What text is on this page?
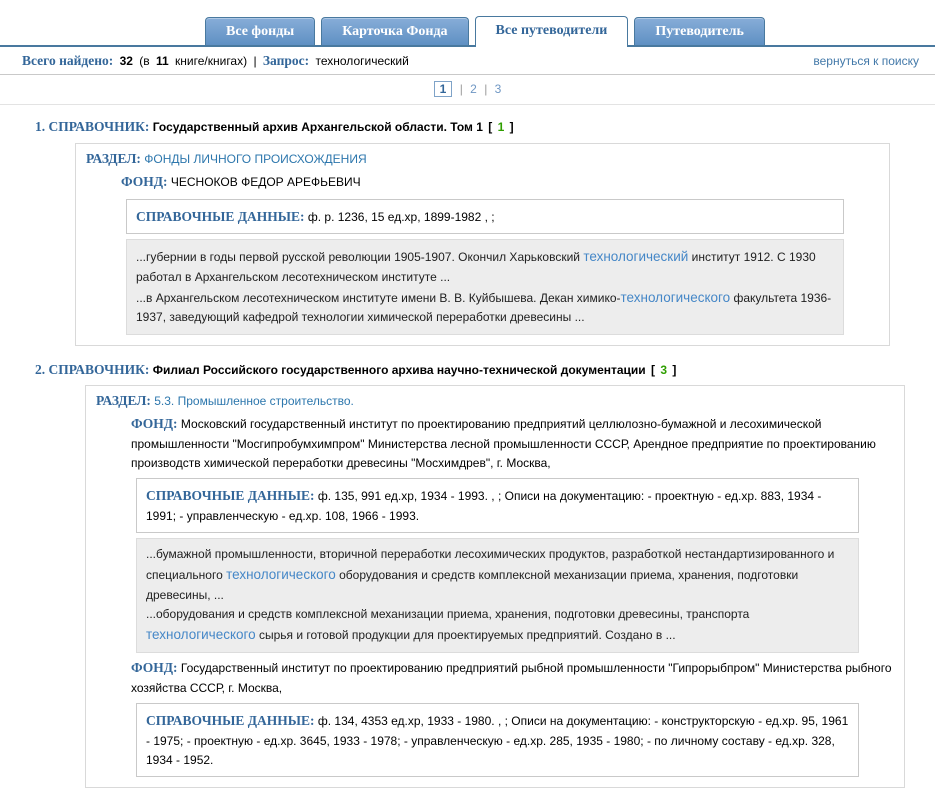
Все фонды	Карточка Фонда	Все путеводители	Путеводитель
Всего найдено: 32 (в 11 книге/книгах) | Запрос: технологический	вернуться к поиску
1 | 2 | 3
1. СПРАВОЧНИК: Государственный архив Архангельской области. Том 1 [ 1 ]
РАЗДЕЛ: ФОНДЫ ЛИЧНОГО ПРОИСХОЖДЕНИЯ
ФОНД: ЧЕСНОКОВ ФЕДОР АРЕФЬЕВИЧ
СПРАВОЧНЫЕ ДАННЫЕ: ф. р. 1236, 15 ед.хр, 1899-1982 , ;
...губернии в годы первой русской революции 1905-1907. Окончил Харьковский технологический институт 1912. С 1930 работал в Архангельском лесотехническом институте ...
...в Архангельском лесотехническом институте имени В. В. Куйбышева. Декан химико-технологического факультета 1936-1937, заведующий кафедрой технологии химической переработки древесины ...
2. СПРАВОЧНИК: Филиал Российского государственного архива научно-технической документации [ 3 ]
РАЗДЕЛ: 5.3. Промышленное строительство.
ФОНД: Московский государственный институт по проектированию предприятий целлюлозно-бумажной и лесохимической промышленности "Мосгипробумхимпром" Министерства лесной промышленности СССР, Арендное предприятие по проектированию производств химической переработки древесины "Мосхимдрев", г. Москва,
СПРАВОЧНЫЕ ДАННЫЕ: ф. 135, 991 ед.хр, 1934 - 1993. , ; Описи на документацию: - проектную - ед.хр. 883, 1934 - 1991; - управленческую - ед.хр. 108, 1966 - 1993.
...бумажной промышленности, вторичной переработки лесохимических продуктов, разработкой нестандартизированного и специального технологического оборудования и средств комплексной механизации приема, хранения, подготовки древесины, ...
...оборудования и средств комплексной механизации приема, хранения, подготовки древесины, транспорта технологического сырья и готовой продукции для проектируемых предприятий. Создано в ...
ФОНД: Государственный институт по проектированию предприятий рыбной промышленности "Гипрорыбпром" Министерства рыбного хозяйства СССР, г. Москва,
СПРАВОЧНЫЕ ДАННЫЕ: ф. 134, 4353 ед.хр, 1933 - 1980. , ; Описи на документацию: - конструкторскую - ед.хр. 95, 1961 - 1975; - проектную - ед.хр. 3645, 1933 - 1978; - управленческую - ед.хр. 285, 1935 - 1980; - по личному составу - ед.хр. 328, 1934 - 1952.
